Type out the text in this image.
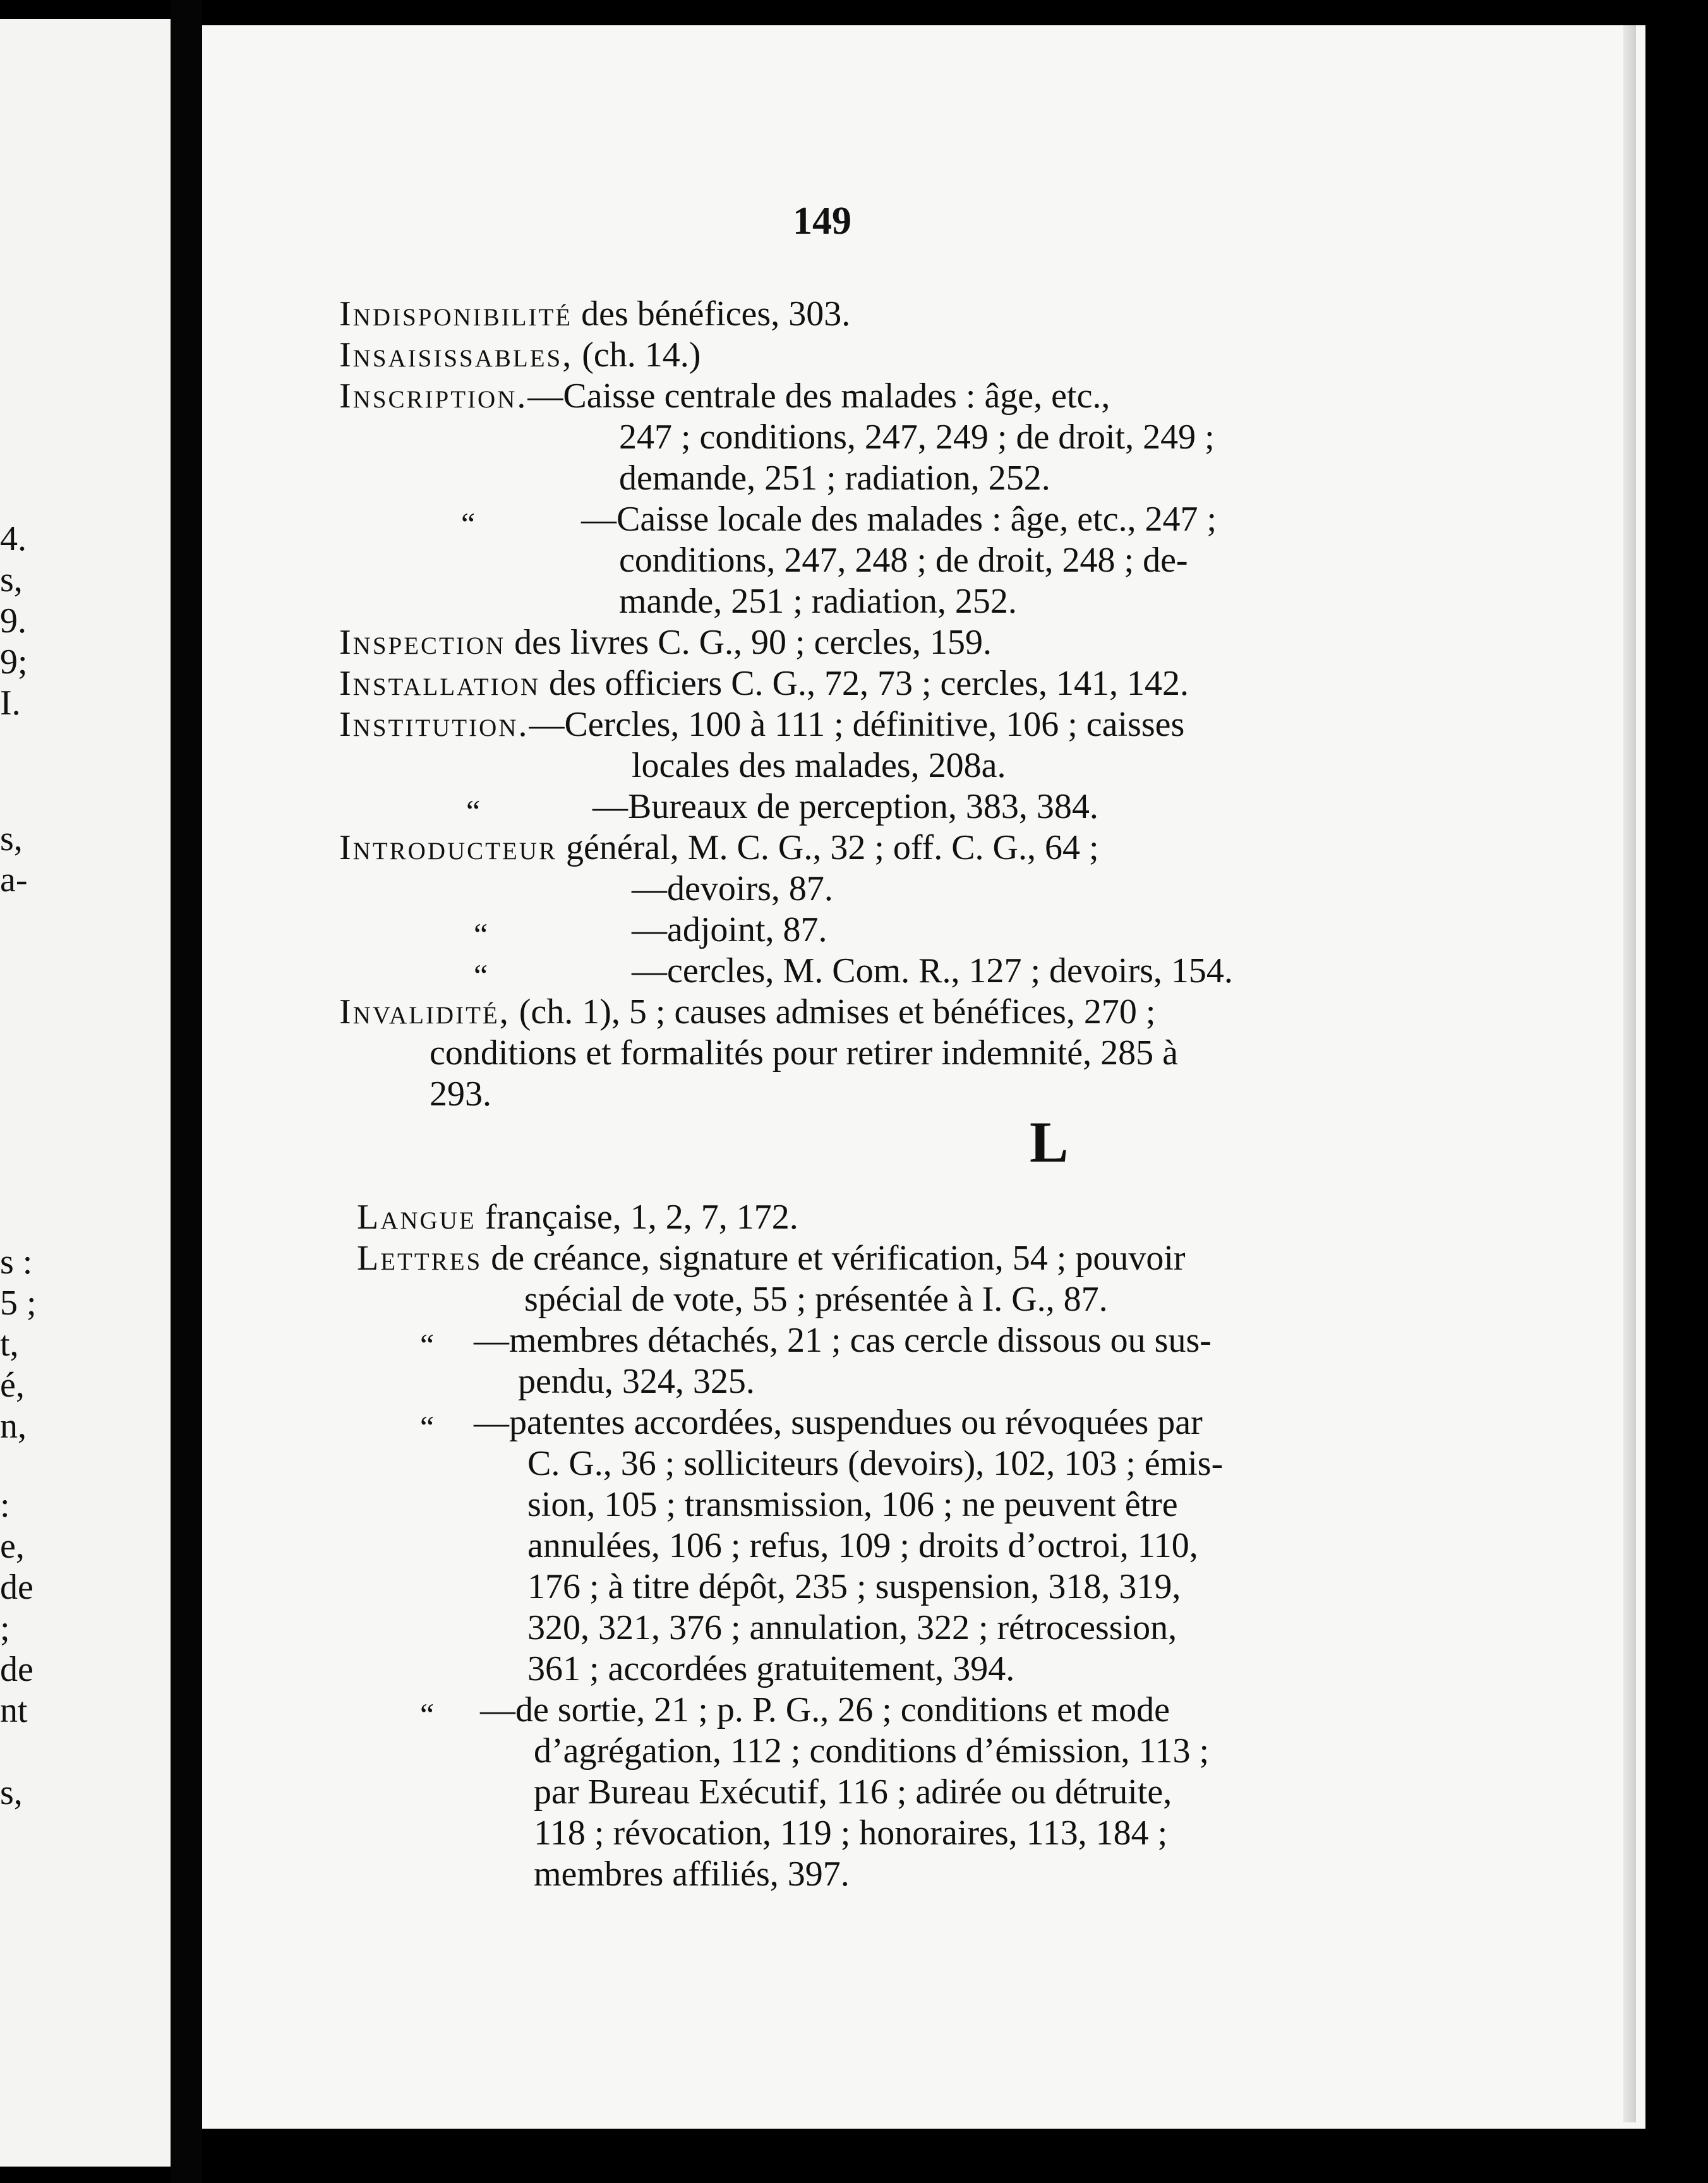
4.
s,
9.
9;
I.
s,
a-
s :
5 ;
t,
é,
n,
:
e,
de
;
de
nt
s,
149
Indisponibilité des bénéfices, 303.
Insaisissables, (ch. 14.)
Inscription.—Caisse centrale des malades : âge, etc.,
247 ; conditions, 247, 249 ; de droit, 249 ;
demande, 251 ; radiation, 252.
“	—Caisse locale des malades : âge, etc., 247 ;
conditions, 247, 248 ; de droit, 248 ; de-
mande, 251 ; radiation, 252.
Inspection des livres C. G., 90 ; cercles, 159.
Installation des officiers C. G., 72, 73 ; cercles, 141, 142.
Institution.—Cercles, 100 à 111 ; définitive, 106 ; caisses
locales des malades, 208a.
“	—Bureaux de perception, 383, 384.
Introducteur général, M. C. G., 32 ; off. C. G., 64 ;
—devoirs, 87.
“	—adjoint, 87.
“	—cercles, M. Com. R., 127 ; devoirs, 154.
Invalidité, (ch. 1), 5 ; causes admises et bénéfices, 270 ;
conditions et formalités pour retirer indemnité, 285 à
293.
L
Langue française, 1, 2, 7, 172.
Lettres de créance, signature et vérification, 54 ; pouvoir
spécial de vote, 55 ; présentée à I. G., 87.
“ —membres détachés, 21 ; cas cercle dissous ou sus-
pendu, 324, 325.
“ —patentes accordées, suspendues ou révoquées par
C. G., 36 ; solliciteurs (devoirs), 102, 103 ; émis-
sion, 105 ; transmission, 106 ; ne peuvent être
annulées, 106 ; refus, 109 ; droits d’octroi, 110,
176 ; à titre dépôt, 235 ; suspension, 318, 319,
320, 321, 376 ; annulation, 322 ; rétrocession,
361 ; accordées gratuitement, 394.
“ —de sortie, 21 ; p. P. G., 26 ; conditions et mode
d’agrégation, 112 ; conditions d’émission, 113 ;
par Bureau Exécutif, 116 ; adirée ou détruite,
118 ; révocation, 119 ; honoraires, 113, 184 ;
membres affiliés, 397.
